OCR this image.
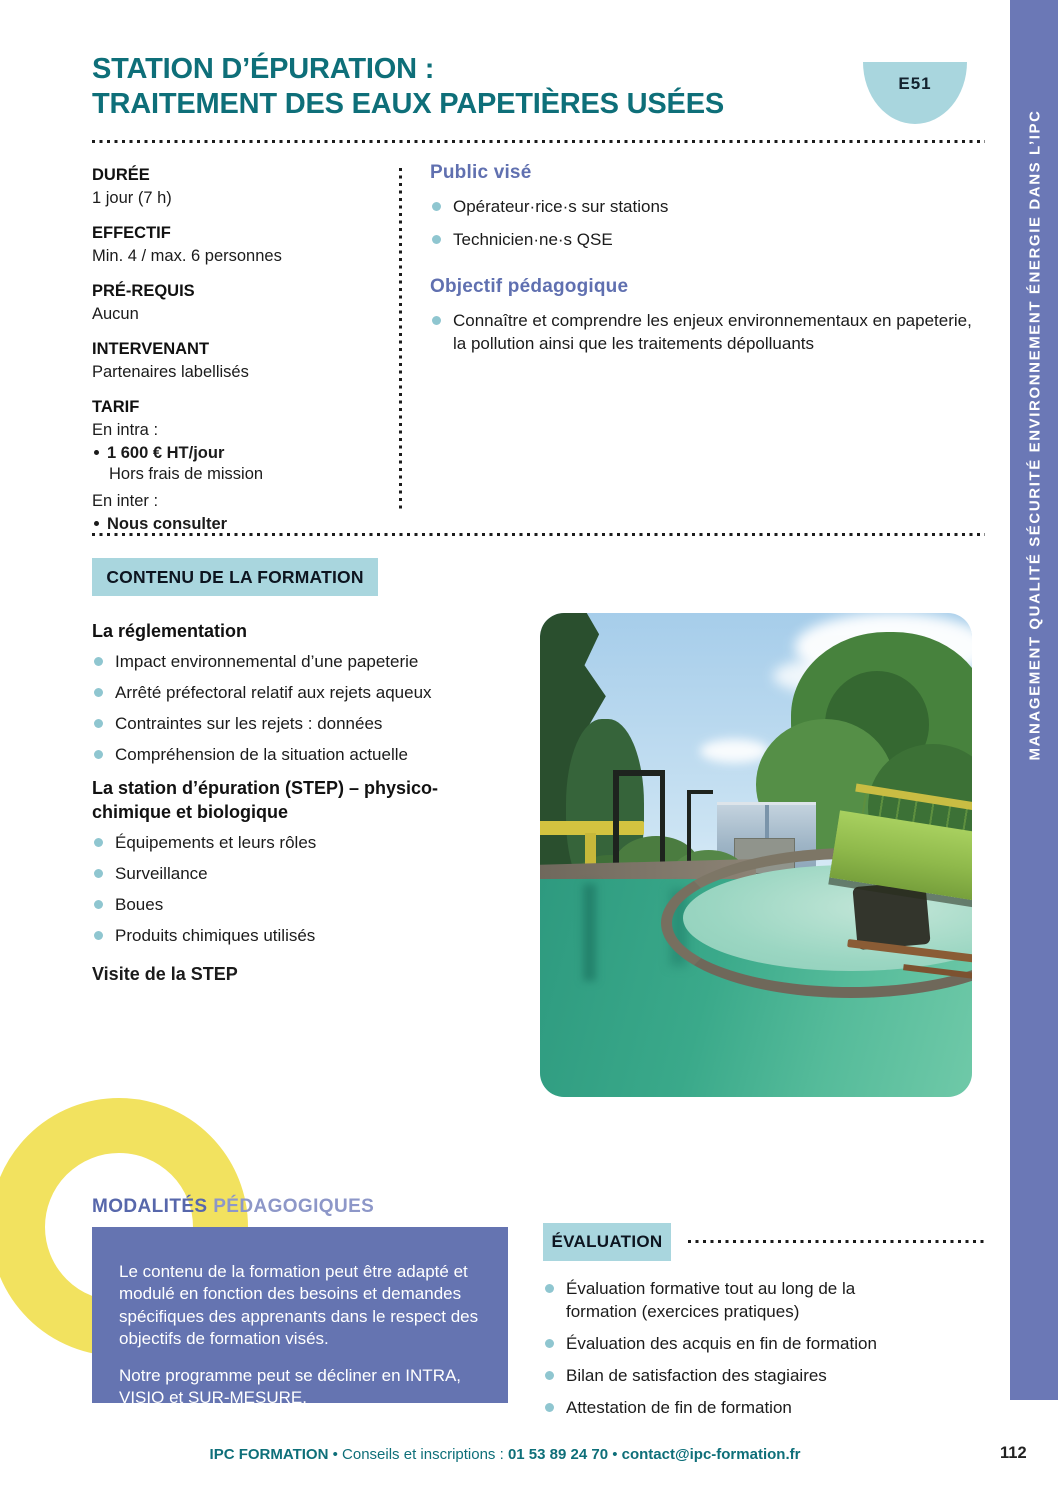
MANAGEMENT QUALITÉ SÉCURITÉ ENVIRONNEMENT ÉNERGIE DANS L’IPC
STATION D’ÉPURATION :
TRAITEMENT DES EAUX PAPETIÈRES USÉES
E51
DURÉE
1 jour (7 h)
EFFECTIF
Min. 4 / max. 6 personnes
PRÉ-REQUIS
Aucun
INTERVENANT
Partenaires labellisés
TARIF
En intra :
1 600 € HT/jour
Hors frais de mission
En inter :
Nous consulter
Public visé
Opérateur·rice·s sur stations
Technicien·ne·s QSE
Objectif pédagogique
Connaître et comprendre les enjeux environnementaux en papeterie, la pollution ainsi que les traitements dépolluants
CONTENU DE LA FORMATION
La réglementation
Impact environnemental d’une papeterie
Arrêté préfectoral relatif aux rejets aqueux
Contraintes sur les rejets : données
Compréhension de la situation actuelle
La station d’épuration (STEP) – physico-chimique et biologique
Équipements et leurs rôles
Surveillance
Boues
Produits chimiques utilisés
Visite de la STEP
MODALITÉS PÉDAGOGIQUES

Le contenu de la formation peut être adapté et modulé en fonction des besoins et demandes spécifiques des apprenants dans le respect des objectifs de formation visés.

Notre programme peut se décliner en INTRA, VISIO et SUR-MESURE.

ÉVALUATION
Évaluation formative tout au long de la formation (exercices pratiques)
Évaluation des acquis en fin de formation
Bilan de satisfaction des stagiaires
Attestation de fin de formation
IPC FORMATION • Conseils et inscriptions : 01 53 89 24 70 • contact@ipc-formation.fr	112
